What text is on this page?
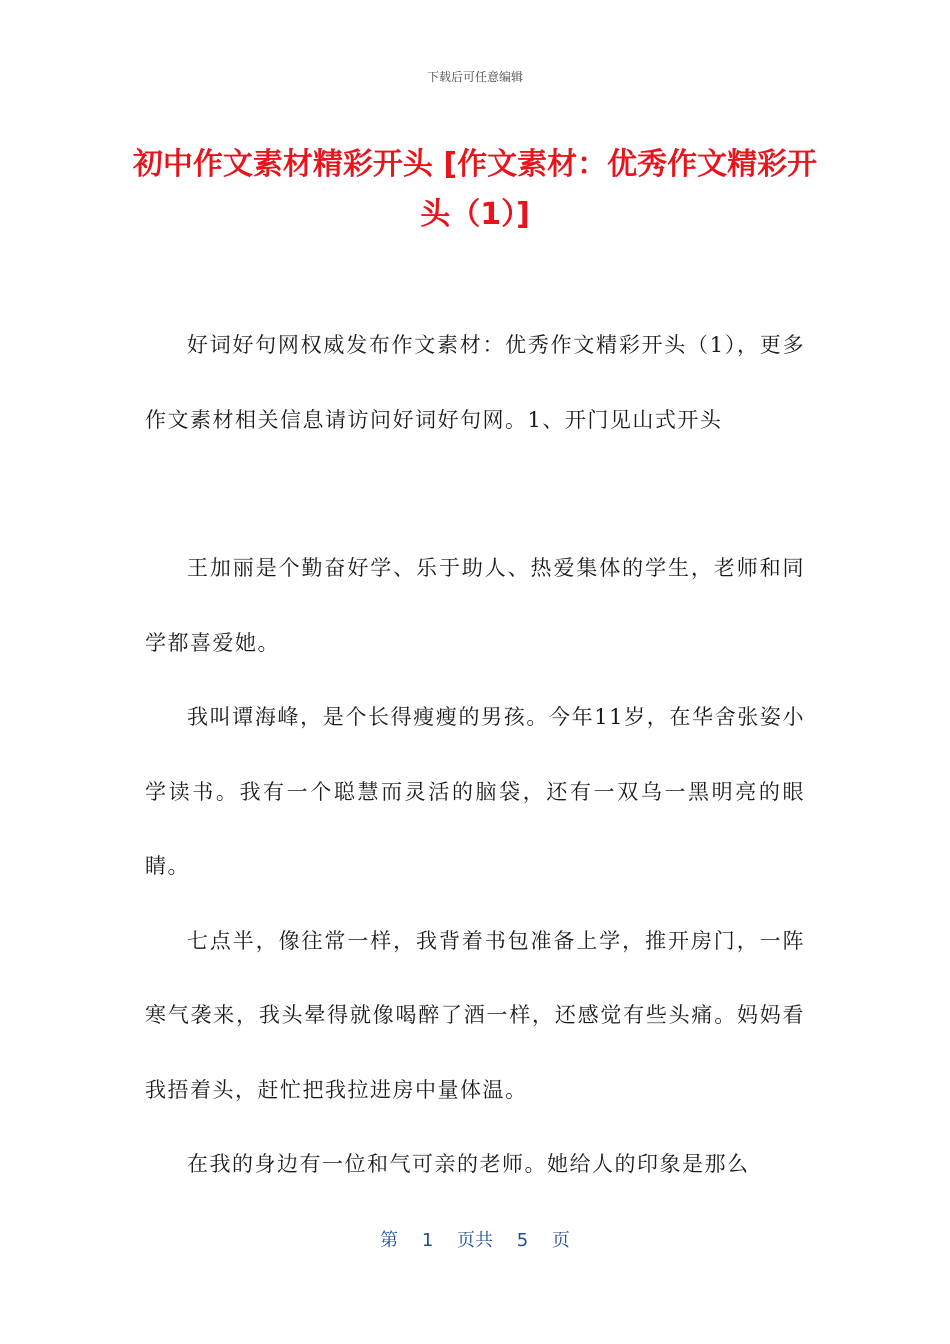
下载后可任意编辑
初中作文素材精彩开头 [作文素材：优秀作文精彩开头（1）]

好词好句网权威发布作文素材：优秀作文精彩开头（1），更多作文素材相关信息请访问好词好句网。1、开门见山式开头

王加丽是个勤奋好学、乐于助人、热爱集体的学生，老师和同学都喜爱她。

我叫谭海峰，是个长得瘦瘦的男孩。今年11岁，在华舍张姿小学读书。我有一个聪慧而灵活的脑袋，还有一双乌一黑明亮的眼睛。

七点半，像往常一样，我背着书包准备上学，推开房门，一阵寒气袭来，我头晕得就像喝醉了酒一样，还感觉有些头痛。妈妈看我捂着头，赶忙把我拉进房中量体温。

在我的身边有一位和气可亲的老师。她给人的印象是那么

第 1 页共 5 页
